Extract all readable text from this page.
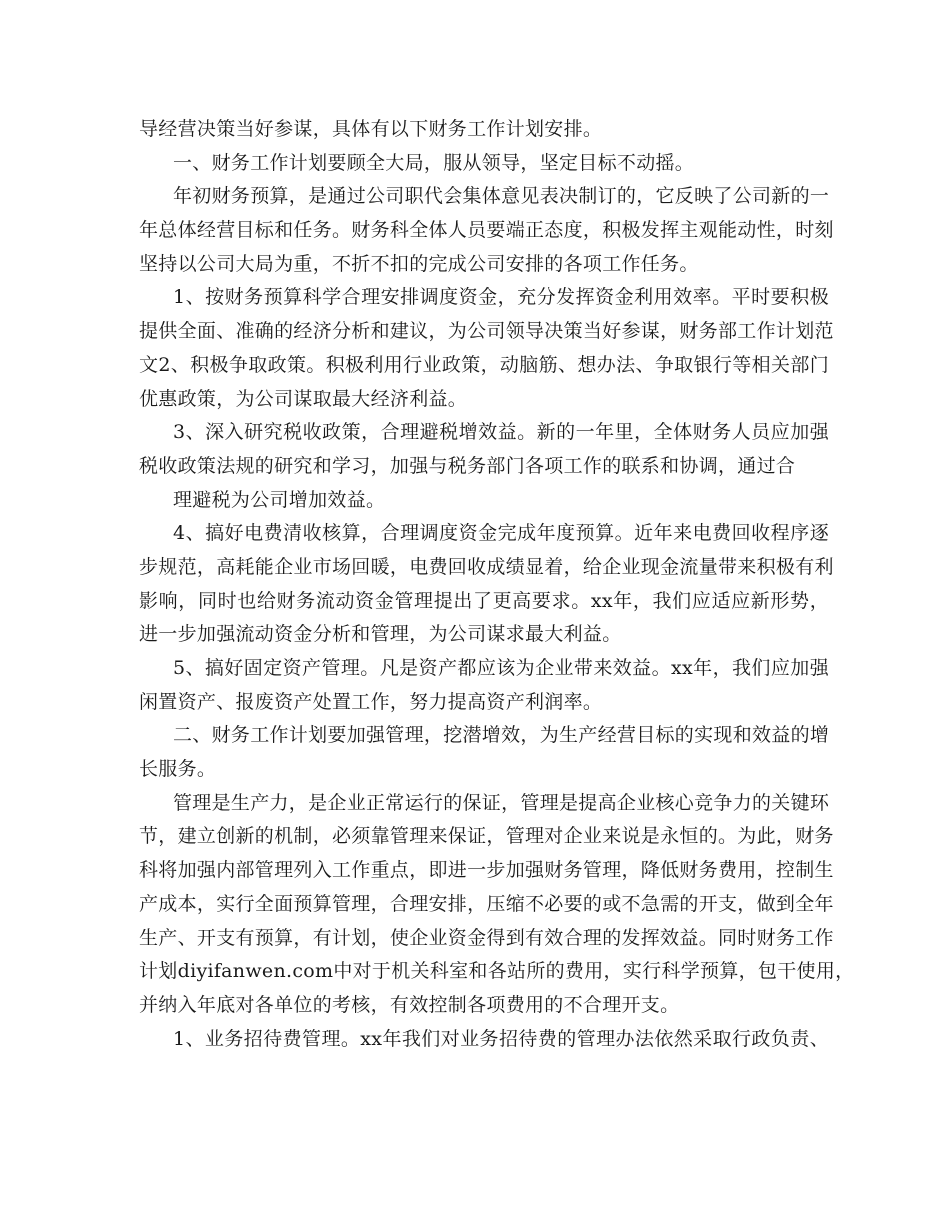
导经营决策当好参谋，具体有以下财务工作计划安排。
一、财务工作计划要顾全大局，服从领导，坚定目标不动摇。
年初财务预算，是通过公司职代会集体意见表决制订的，它反映了公司新的一
年总体经营目标和任务。财务科全体人员要端正态度，积极发挥主观能动性，时刻
坚持以公司大局为重，不折不扣的完成公司安排的各项工作任务。
1、按财务预算科学合理安排调度资金，充分发挥资金利用效率。平时要积极
提供全面、准确的经济分析和建议，为公司领导决策当好参谋，财务部工作计划范
文2、积极争取政策。积极利用行业政策，动脑筋、想办法、争取银行等相关部门
优惠政策，为公司谋取最大经济利益。
3、深入研究税收政策，合理避税增效益。新的一年里，全体财务人员应加强
税收政策法规的研究和学习，加强与税务部门各项工作的联系和协调，通过合
理避税为公司增加效益。
4、搞好电费清收核算，合理调度资金完成年度预算。近年来电费回收程序逐
步规范，高耗能企业市场回暖，电费回收成绩显着，给企业现金流量带来积极有利
影响，同时也给财务流动资金管理提出了更高要求。xx年，我们应适应新形势，
进一步加强流动资金分析和管理，为公司谋求最大利益。
5、搞好固定资产管理。凡是资产都应该为企业带来效益。xx年，我们应加强
闲置资产、报废资产处置工作，努力提高资产利润率。
二、财务工作计划要加强管理，挖潜增效，为生产经营目标的实现和效益的增
长服务。
管理是生产力，是企业正常运行的保证，管理是提高企业核心竞争力的关键环
节，建立创新的机制，必须靠管理来保证，管理对企业来说是永恒的。为此，财务
科将加强内部管理列入工作重点，即进一步加强财务管理，降低财务费用，控制生
产成本，实行全面预算管理，合理安排，压缩不必要的或不急需的开支，做到全年
生产、开支有预算，有计划，使企业资金得到有效合理的发挥效益。同时财务工作
计划diyifanwen.com中对于机关科室和各站所的费用，实行科学预算，包干使用，
并纳入年底对各单位的考核，有效控制各项费用的不合理开支。
1、业务招待费管理。xx年我们对业务招待费的管理办法依然采取行政负责、
